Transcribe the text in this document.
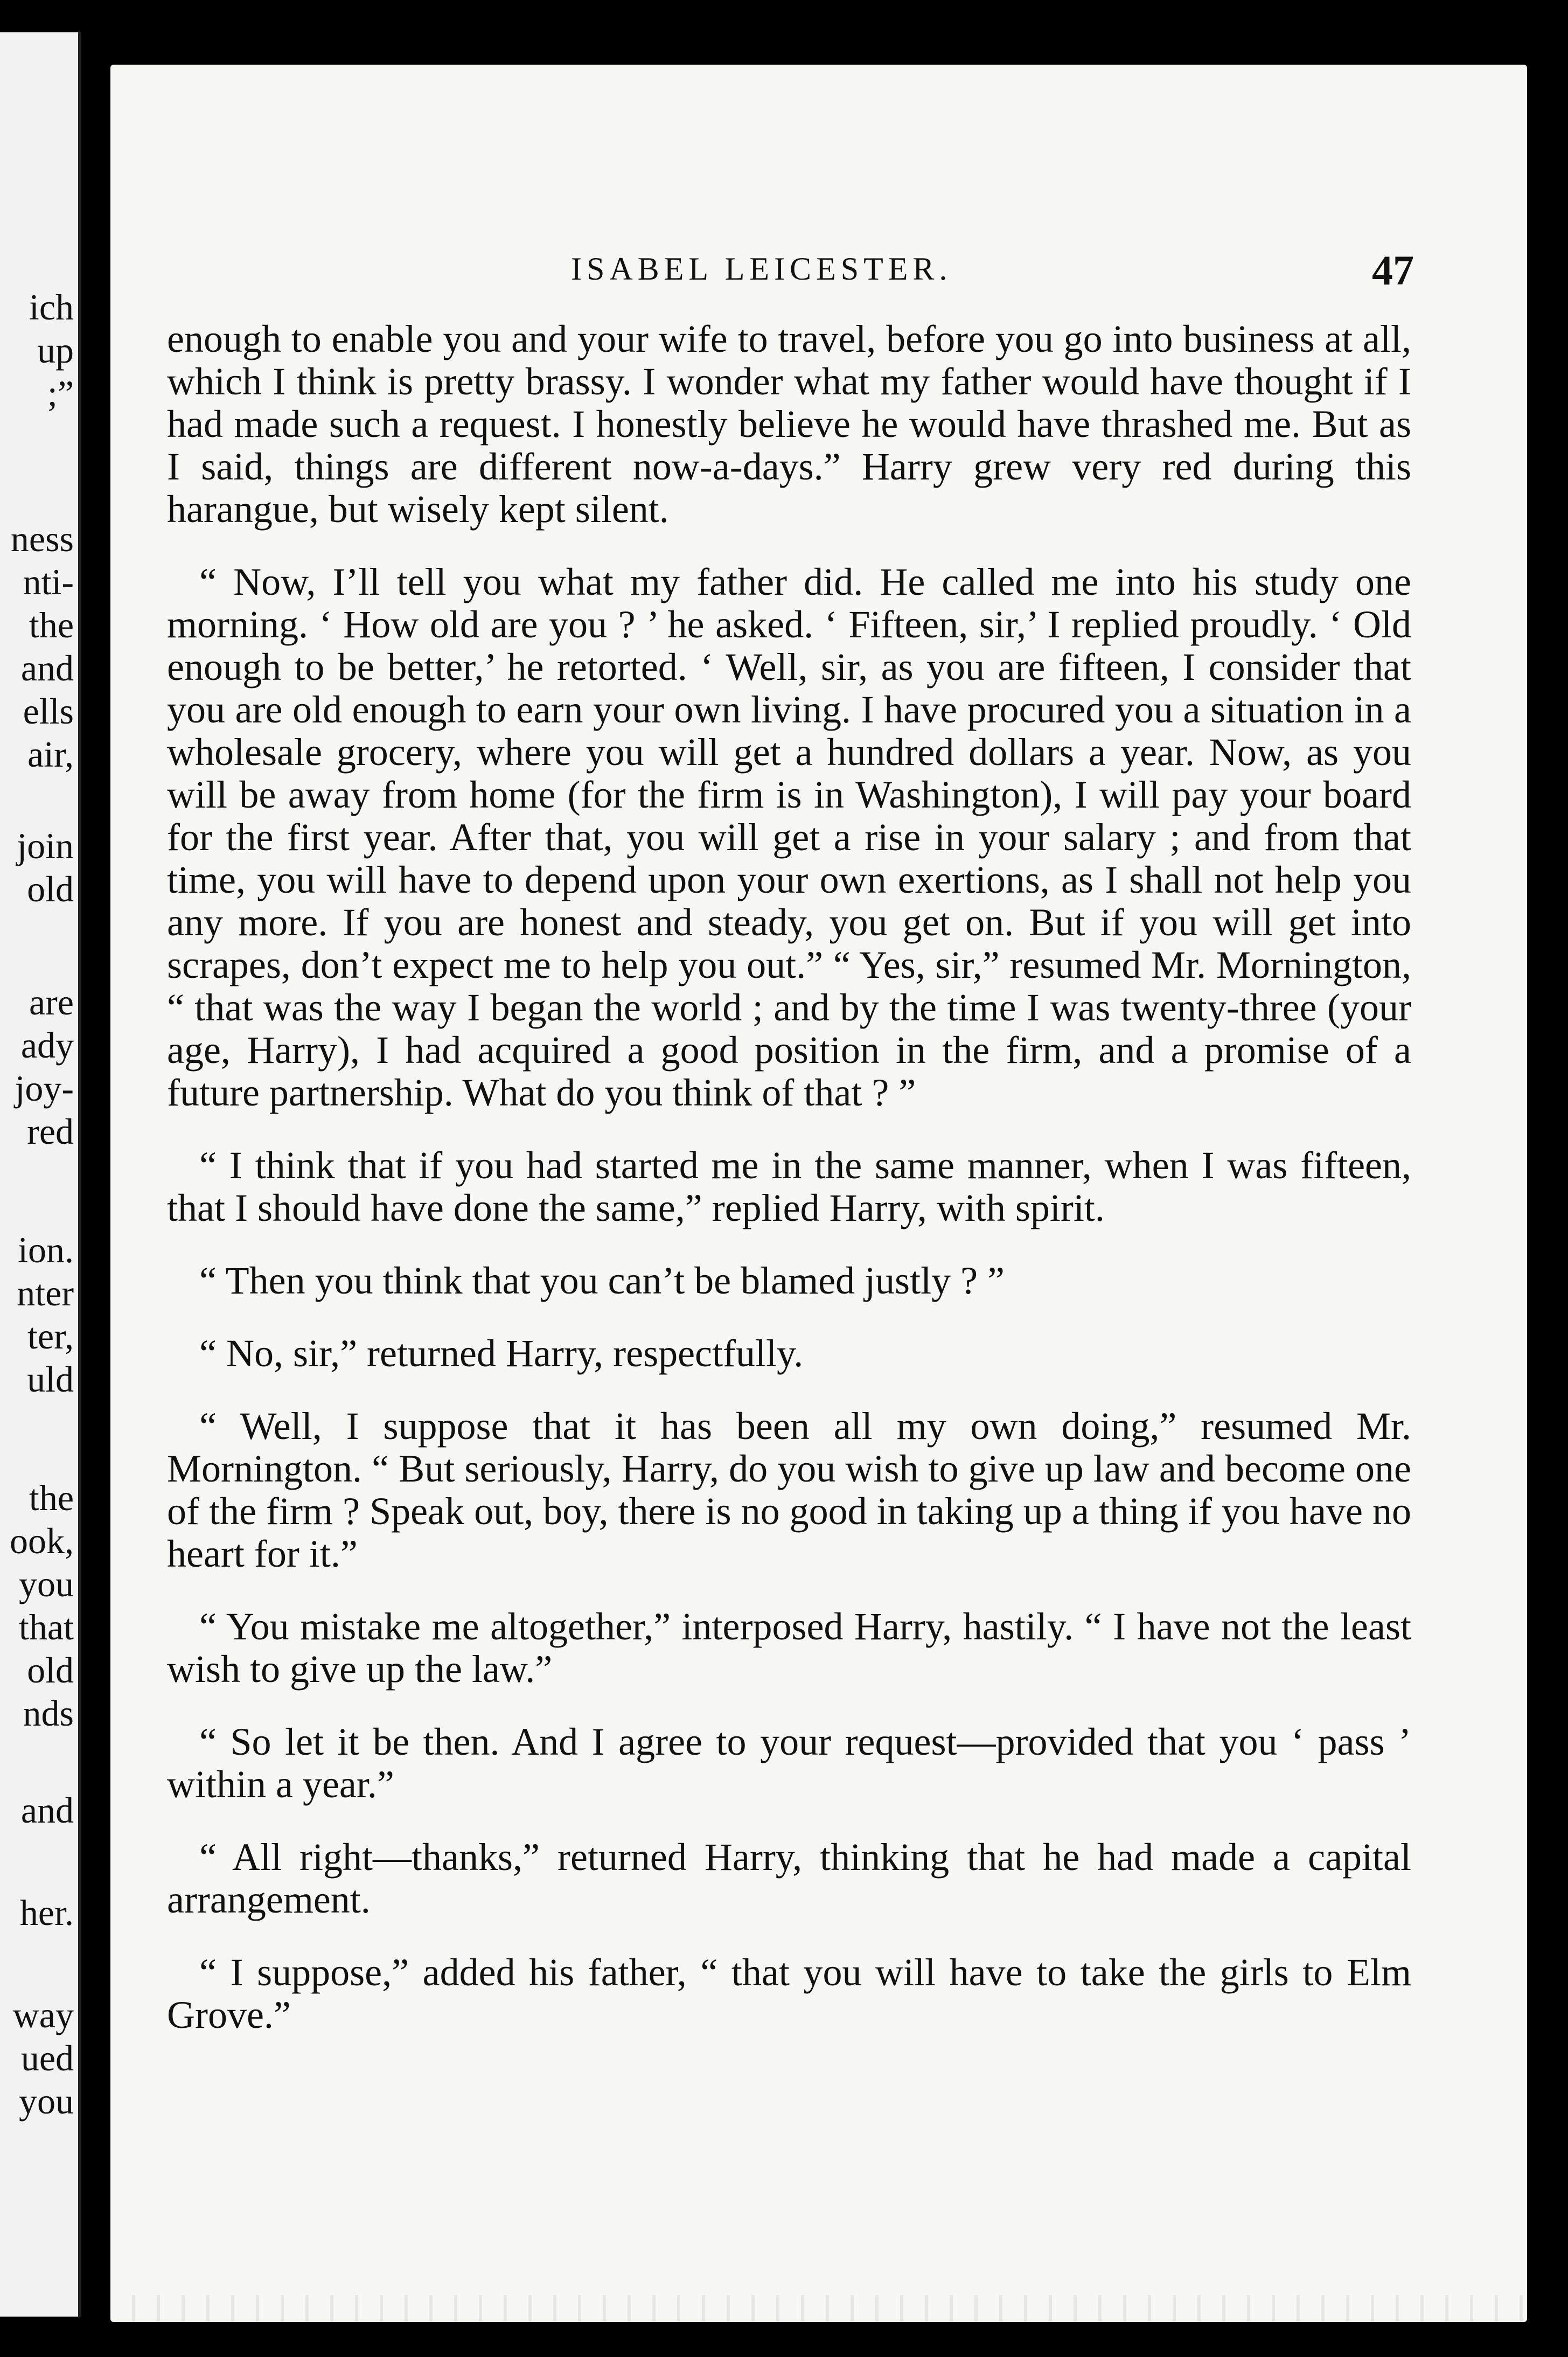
ich
up
;”
ness
nti-
the
and
ells
air,
join
old
are
ady
joy-
red
ion.
nter
ter,
uld
the
ook,
you
that
old
nds
and
her.
way
ued
you
ISABEL LEICESTER.	47

enough to enable you and your wife to travel, before you go into business at all, which I think is pretty brassy. I wonder what my father would have thought if I had made such a request. I honestly believe he would have thrashed me. But as I said, things are different now-a-days.” Harry grew very red during this harangue, but wisely kept silent.

“ Now, I’ll tell you what my father did. He called me into his study one morning. ‘ How old are you ? ’ he asked. ‘ Fifteen, sir,’ I replied proudly. ‘ Old enough to be better,’ he retorted. ‘ Well, sir, as you are fifteen, I consider that you are old enough to earn your own living. I have procured you a situation in a wholesale grocery, where you will get a hundred dollars a year. Now, as you will be away from home (for the firm is in Washington), I will pay your board for the first year. After that, you will get a rise in your salary ; and from that time, you will have to depend upon your own exertions, as I shall not help you any more. If you are honest and steady, you get on. But if you will get into scrapes, don’t expect me to help you out.” “ Yes, sir,” resumed Mr. Mornington, “ that was the way I began the world ; and by the time I was twenty-three (your age, Harry), I had acquired a good position in the firm, and a promise of a future partnership. What do you think of that ? ”

“ I think that if you had started me in the same manner, when I was fifteen, that I should have done the same,” replied Harry, with spirit.

“ Then you think that you can’t be blamed justly ? ”

“ No, sir,” returned Harry, respectfully.

“ Well, I suppose that it has been all my own doing,” resumed Mr. Mornington. “ But seriously, Harry, do you wish to give up law and become one of the firm ? Speak out, boy, there is no good in taking up a thing if you have no heart for it.”

“ You mistake me altogether,” interposed Harry, hastily. “ I have not the least wish to give up the law.”

“ So let it be then. And I agree to your request—provided that you ‘ pass ’ within a year.”

“ All right—thanks,” returned Harry, thinking that he had made a capital arrangement.

“ I suppose,” added his father, “ that you will have to take the girls to Elm Grove.”
